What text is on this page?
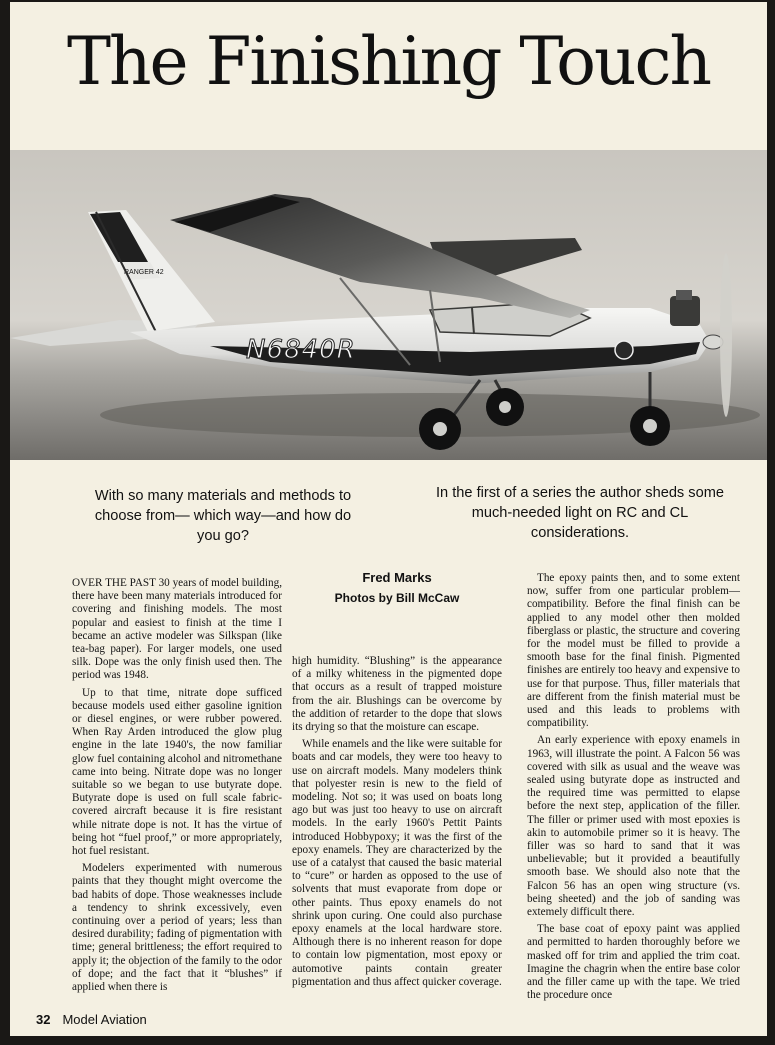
The Finishing Touch
RANGER 42
N6840R
With so many materials and methods to choose from— which way—and how do you go?
In the first of a series the author sheds some much-needed light on RC and CL considerations.

OVER THE PAST 30 years of model building, there have been many materials introduced for covering and finishing models. The most popular and easiest to finish at the time I became an active modeler was Silkspan (like tea-bag paper). For larger models, one used silk. Dope was the only finish used then. The period was 1948.

Up to that time, nitrate dope sufficed because models used either gasoline ignition or diesel engines, or were rubber powered. When Ray Arden introduced the glow plug engine in the late 1940's, the now familiar glow fuel containing alcohol and nitromethane came into being. Nitrate dope was no longer suitable so we began to use butyrate dope. Butyrate dope is used on full scale fabric-covered aircraft because it is fire resistant while nitrate dope is not. It has the virtue of being hot “fuel proof,” or more appropriately, hot fuel resistant.

Modelers experimented with numerous paints that they thought might overcome the bad habits of dope. Those weaknesses include a tendency to shrink excessively, even continuing over a period of years; less than desired durability; fading of pigmentation with time; general brittleness; the effort required to apply it; the objection of the family to the odor of dope; and the fact that it “blushes” if applied when there is

Fred Marks
Photos by Bill McCaw

high humidity. “Blushing” is the appearance of a milky whiteness in the pigmented dope that occurs as a result of trapped moisture from the air. Blushings can be overcome by the addition of retarder to the dope that slows its drying so that the moisture can escape.

While enamels and the like were suitable for boats and car models, they were too heavy to use on aircraft models. Many modelers think that polyester resin is new to the field of modeling. Not so; it was used on boats long ago but was just too heavy to use on aircraft models. In the early 1960's Pettit Paints introduced Hobbypoxy; it was the first of the epoxy enamels. They are characterized by the use of a catalyst that caused the basic material to “cure” or harden as opposed to the use of solvents that must evaporate from dope or other paints. Thus epoxy enamels do not shrink upon curing. One could also purchase epoxy enamels at the local hardware store. Although there is no inherent reason for dope to contain low pigmentation, most epoxy or automotive paints contain greater pigmentation and thus affect quicker coverage.

The epoxy paints then, and to some extent now, suffer from one particular problem—compatibility. Before the final finish can be applied to any model other then molded fiberglass or plastic, the structure and covering for the model must be filled to provide a smooth base for the final finish. Pigmented finishes are entirely too heavy and expensive to use for that purpose. Thus, filler materials that are different from the finish material must be used and this leads to problems with compatibility.

An early experience with epoxy enamels in 1963, will illustrate the point. A Falcon 56 was covered with silk as usual and the weave was sealed using butyrate dope as instructed and the required time was permitted to elapse before the next step, application of the filler. The filler or primer used with most epoxies is akin to automobile primer so it is heavy. The filler was so hard to sand that it was unbelievable; but it provided a beautifully smooth base. We should also note that the Falcon 56 has an open wing structure (vs. being sheeted) and the job of sanding was extemely difficult there.

The base coat of epoxy paint was applied and permitted to harden thoroughly before we masked off for trim and applied the trim coat. Imagine the chagrin when the entire base color and the filler came up with the tape. We tried the procedure once

32 Model Aviation
